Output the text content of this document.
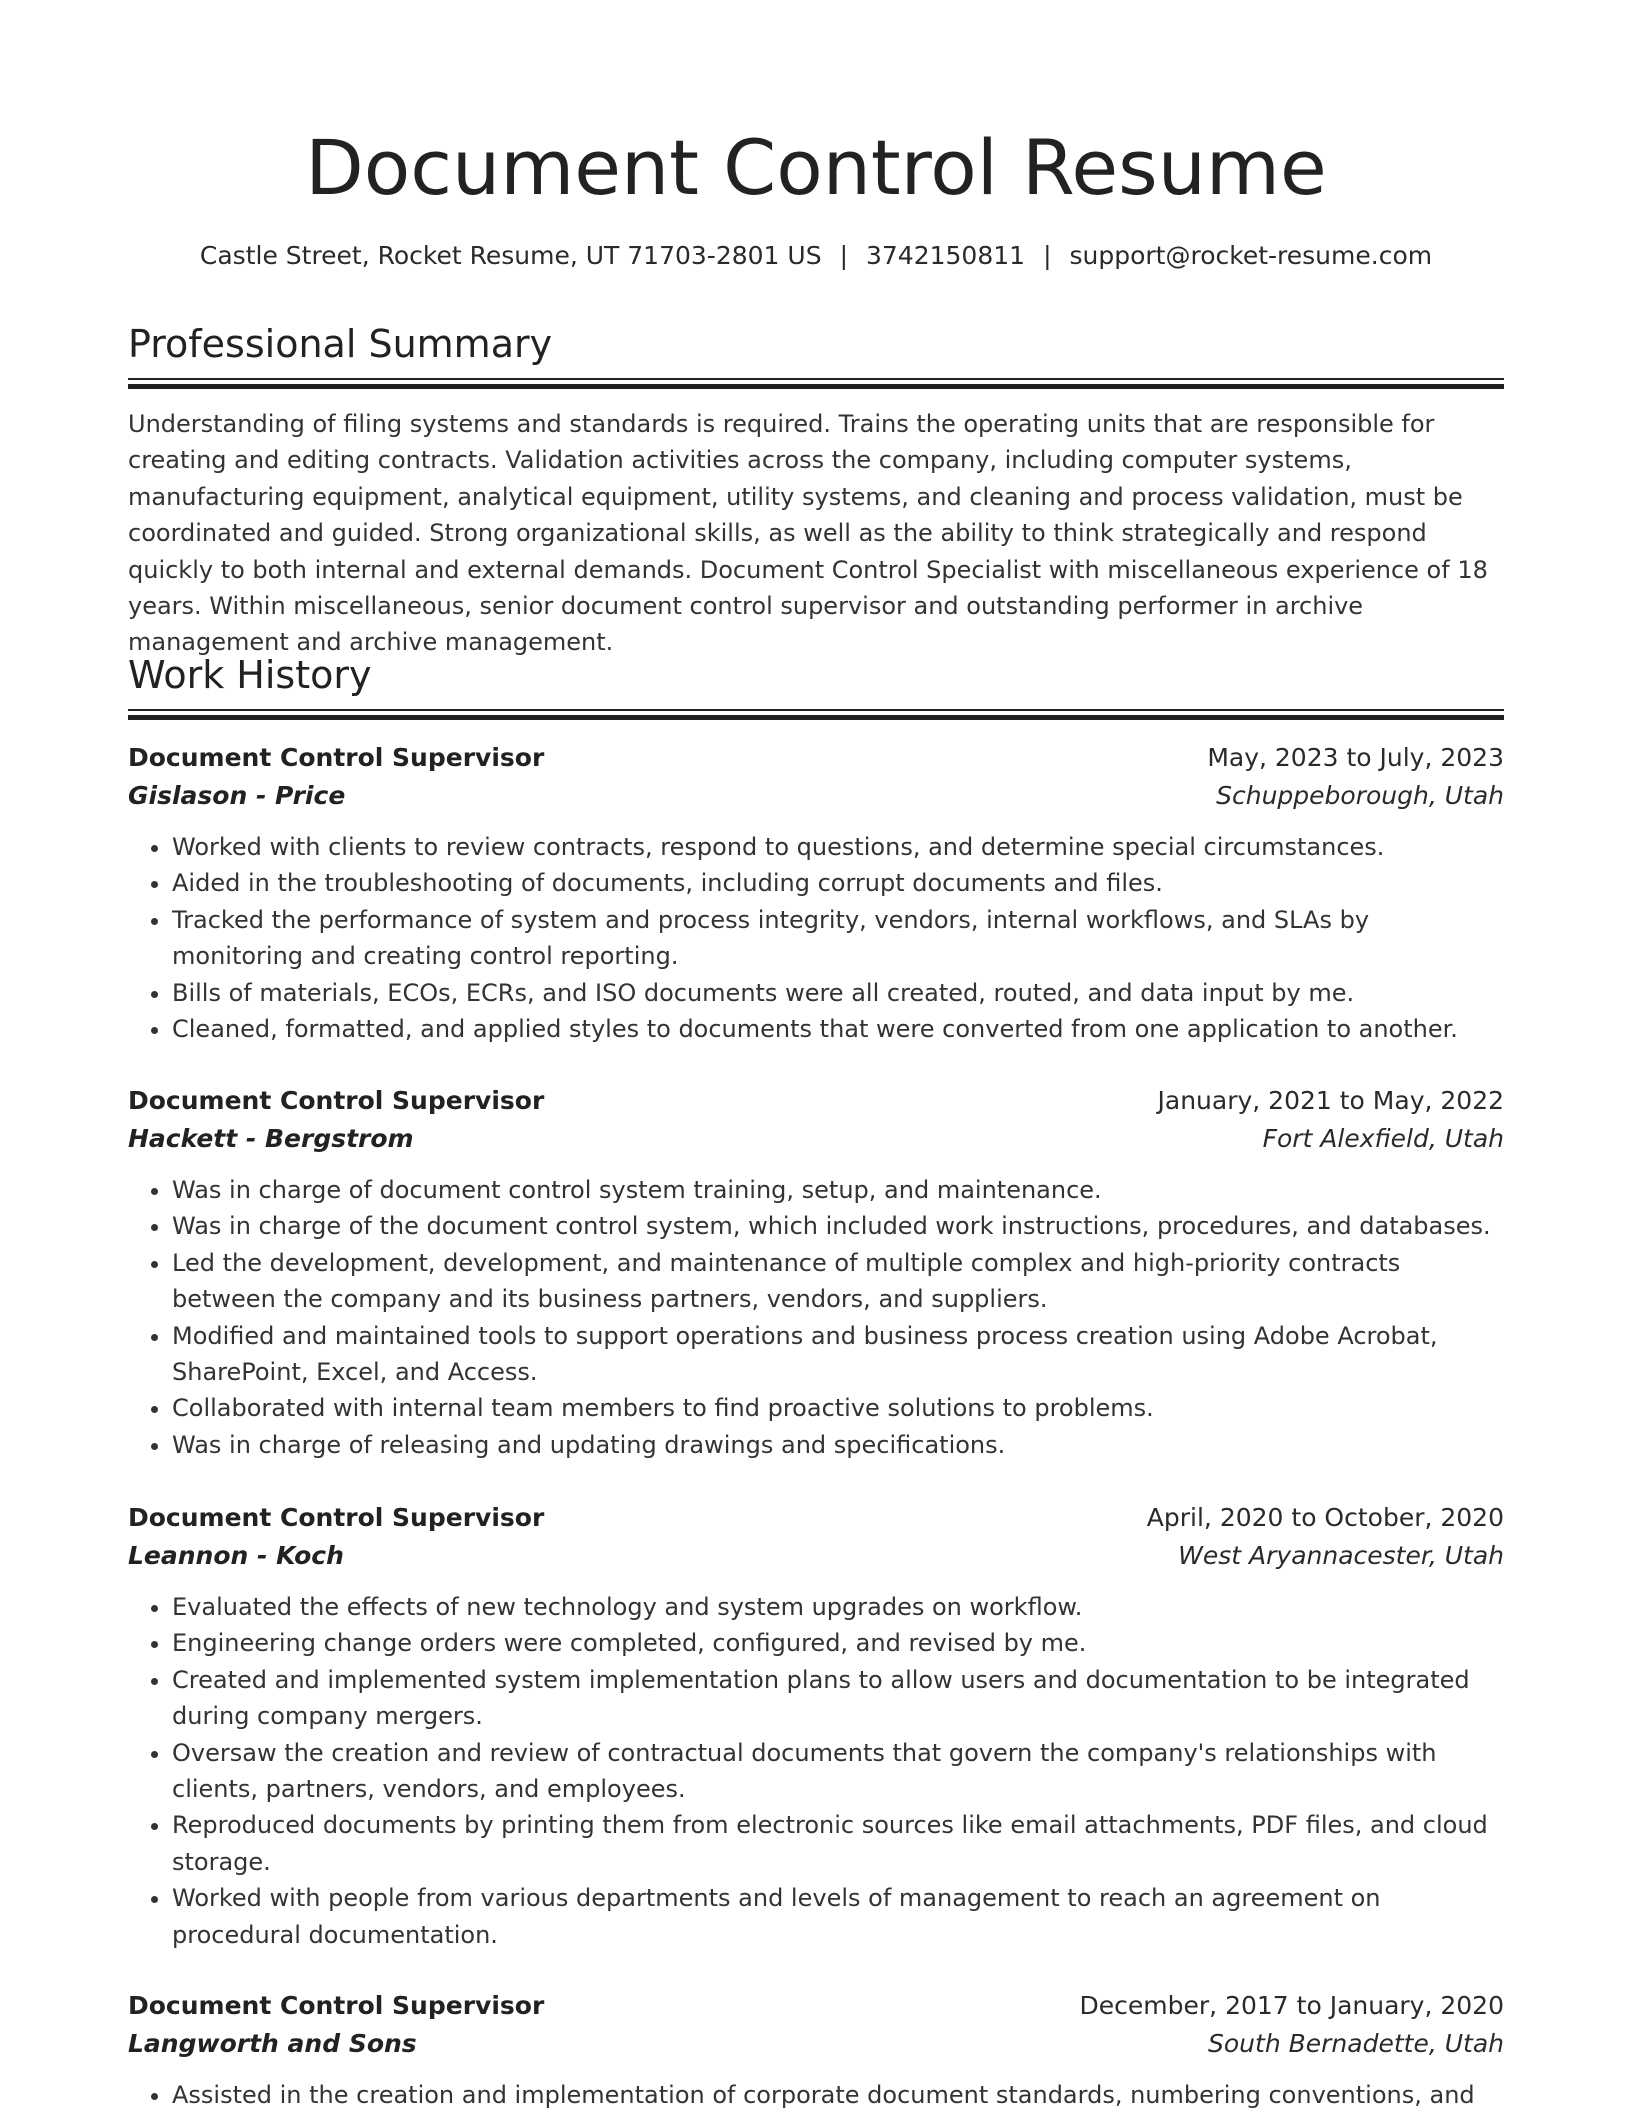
Document Control Resume
Castle Street, Rocket Resume, UT 71703-2801 US | 3742150811 | support@rocket-resume.com
Professional Summary

Understanding of filing systems and standards is required. Trains the operating units that are responsible for creating and editing contracts. Validation activities across the company, including computer systems, manufacturing equipment, analytical equipment, utility systems, and cleaning and process validation, must be coordinated and guided. Strong organizational skills, as well as the ability to think strategically and respond quickly to both internal and external demands. Document Control Specialist with miscellaneous experience of 18 years. Within miscellaneous, senior document control supervisor and outstanding performer in archive management and archive management.

Work History
Document Control Supervisor	May, 2023 to July, 2023
Gislason - Price	Schuppeborough, Utah
• Worked with clients to review contracts, respond to questions, and determine special circumstances.
• Aided in the troubleshooting of documents, including corrupt documents and files.
• Tracked the performance of system and process integrity, vendors, internal workflows, and SLAs by monitoring and creating control reporting.
• Bills of materials, ECOs, ECRs, and ISO documents were all created, routed, and data input by me.
• Cleaned, formatted, and applied styles to documents that were converted from one application to another.
Document Control Supervisor	January, 2021 to May, 2022
Hackett - Bergstrom	Fort Alexfield, Utah
• Was in charge of document control system training, setup, and maintenance.
• Was in charge of the document control system, which included work instructions, procedures, and databases.
• Led the development, development, and maintenance of multiple complex and high-priority contracts between the company and its business partners, vendors, and suppliers.
• Modified and maintained tools to support operations and business process creation using Adobe Acrobat, SharePoint, Excel, and Access.
• Collaborated with internal team members to find proactive solutions to problems.
• Was in charge of releasing and updating drawings and specifications.
Document Control Supervisor	April, 2020 to October, 2020
Leannon - Koch	West Aryannacester, Utah
• Evaluated the effects of new technology and system upgrades on workflow.
• Engineering change orders were completed, configured, and revised by me.
• Created and implemented system implementation plans to allow users and documentation to be integrated during company mergers.
• Oversaw the creation and review of contractual documents that govern the company's relationships with clients, partners, vendors, and employees.
• Reproduced documents by printing them from electronic sources like email attachments, PDF files, and cloud storage.
• Worked with people from various departments and levels of management to reach an agreement on procedural documentation.
Document Control Supervisor	December, 2017 to January, 2020
Langworth and Sons	South Bernadette, Utah
• Assisted in the creation and implementation of corporate document standards, numbering conventions, and
